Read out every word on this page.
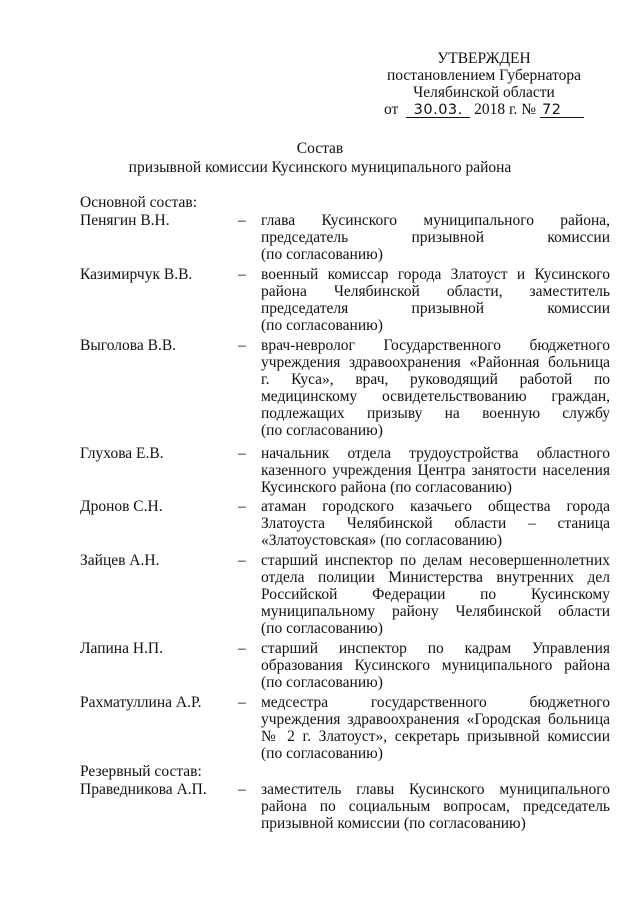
УТВЕРЖДЕН
постановлением Губернатора
Челябинской области
от 30.03. 2018 г. № 72
Состав
призывной комиссии Кусинского муниципального района
Основной состав:
Пенягин В.Н.	– глава Кусинского муниципального района,
председатель призывной комиссии
(по согласованию)
Казимирчук В.В.	– военный комиссар города Златоуст и Кусинского
района Челябинской области, заместитель
председателя призывной комиссии
(по согласованию)
Выголова В.В.	– врач-невролог Государственного бюджетного
учреждения здравоохранения «Районная больница
г. Куса», врач, руководящий работой по
медицинскому освидетельствованию граждан,
подлежащих призыву на военную службу
(по согласованию)
Глухова Е.В.	– начальник отдела трудоустройства областного
казенного учреждения Центра занятости населения
Кусинского района (по согласованию)
Дронов С.Н.	– атаман городского казачьего общества города
Златоуста Челябинской области – станица
«Златоустовская» (по согласованию)
Зайцев А.Н.	– старший инспектор по делам несовершеннолетних
отдела полиции Министерства внутренних дел
Российской Федерации по Кусинскому
муниципальному району Челябинской области
(по согласованию)
Лапина Н.П.	– старший инспектор по кадрам Управления
образования Кусинского муниципального района
(по согласованию)
Рахматуллина А.Р. – медсестра государственного бюджетного
учреждения здравоохранения «Городская больница
№ 2 г. Златоуст», секретарь призывной комиссии
(по согласованию)
Резервный состав:
Праведникова А.П. – заместитель главы Кусинского муниципального
района по социальным вопросам, председатель
призывной комиссии (по согласованию)
